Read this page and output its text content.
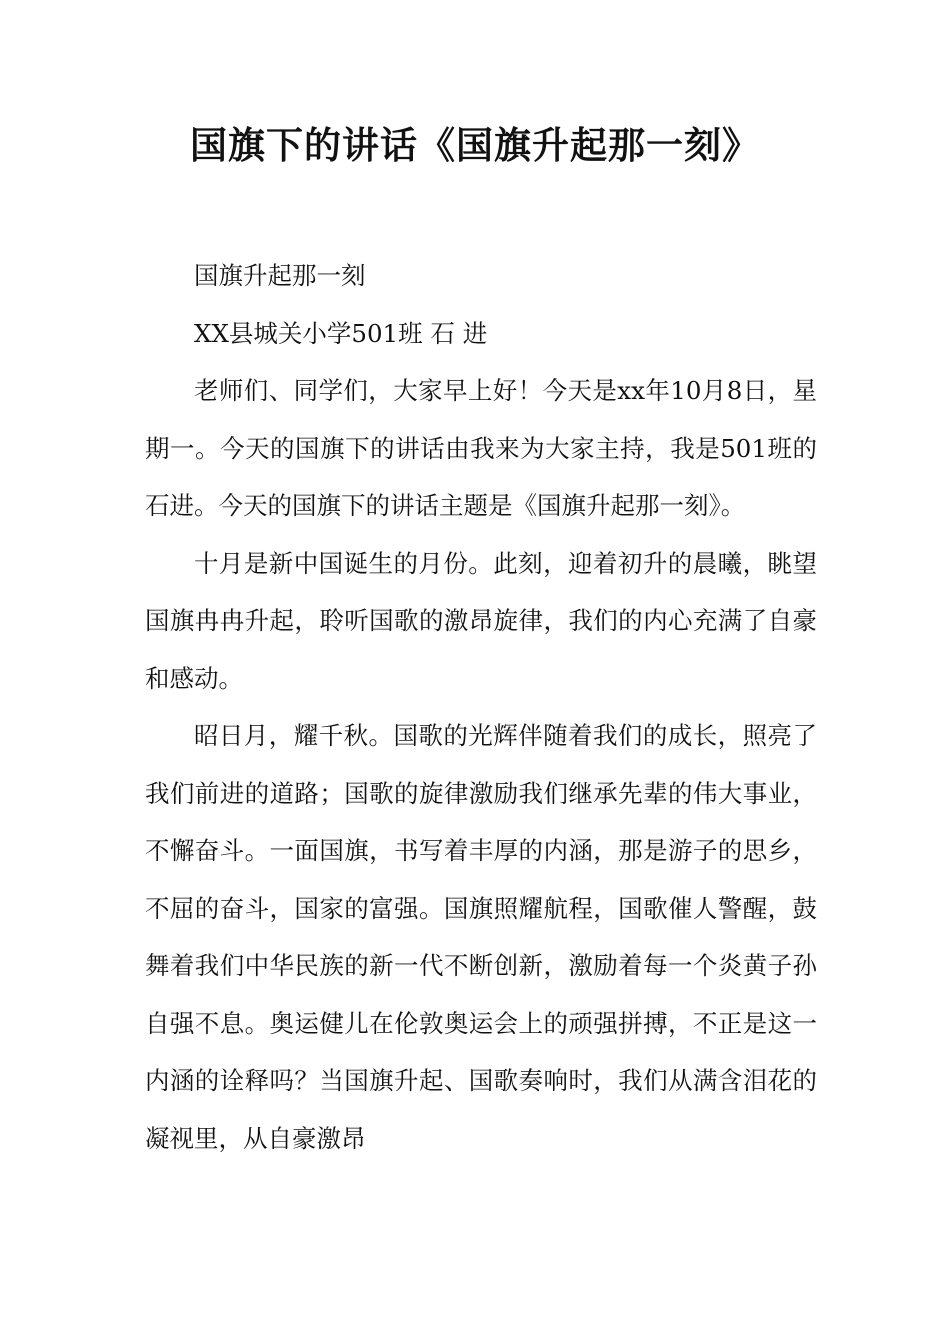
国旗下的讲话《国旗升起那一刻》

国旗升起那一刻

XX县城关小学501班 石 进

老师们、同学们，大家早上好！今天是xx年10月8日，星期一。今天的国旗下的讲话由我来为大家主持，我是501班的石进。今天的国旗下的讲话主题是《国旗升起那一刻》。

十月是新中国诞生的月份。此刻，迎着初升的晨曦，眺望国旗冉冉升起，聆听国歌的激昂旋律，我们的内心充满了自豪和感动。

昭日月，耀千秋。国歌的光辉伴随着我们的成长，照亮了我们前进的道路；国歌的旋律激励我们继承先辈的伟大事业，不懈奋斗。一面国旗，书写着丰厚的内涵，那是游子的思乡，不屈的奋斗，国家的富强。国旗照耀航程，国歌催人警醒，鼓舞着我们中华民族的新一代不断创新，激励着每一个炎黄子孙自强不息。奥运健儿在伦敦奥运会上的顽强拼搏，不正是这一内涵的诠释吗？当国旗升起、国歌奏响时，我们从满含泪花的凝视里，从自豪激昂
